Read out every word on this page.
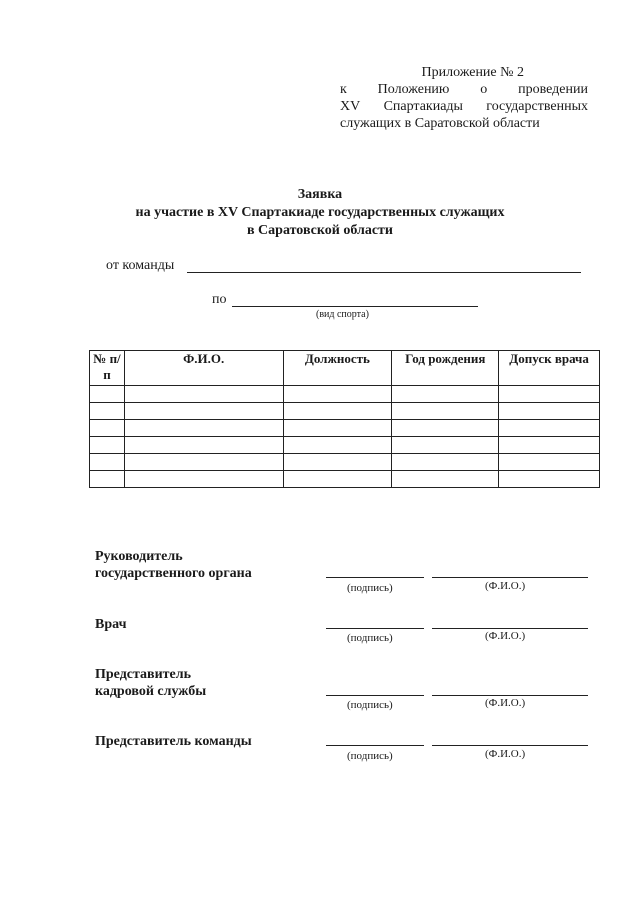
Приложение № 2
к Положению о проведении
XV Спартакиады государственных
служащих в Саратовской области
Заявка
на участие в XV Спартакиаде государственных служащих
в Саратовской области
от команды
по
(вид спорта)
№ п/п	Ф.И.О.	Должность	Год рождения	Допуск врача

Руководитель
государственного органа
(подпись)	(Ф.И.О.)
Врач
(подпись)	(Ф.И.О.)
Представитель
кадровой службы
(подпись)	(Ф.И.О.)
Представитель команды
(подпись)	(Ф.И.О.)
